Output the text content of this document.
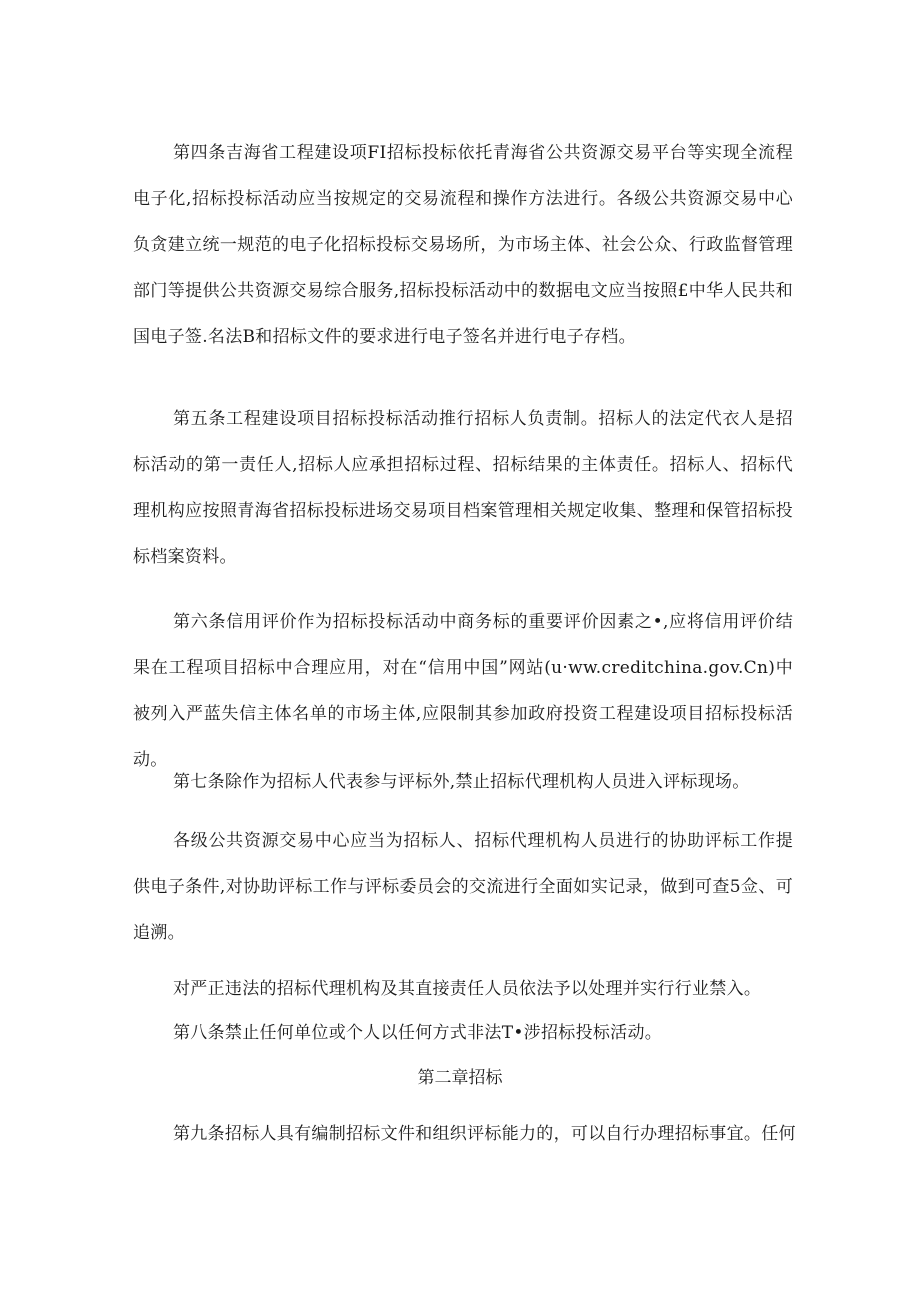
第四条吉海省工程建设项FI招标投标依托青海省公共资源交易平台等实现全流程电子化,招标投标活动应当按规定的交易流程和操作方法进行。各级公共资源交易中心负贪建立统一规范的电子化招标投标交易场所，为市场主体、社会公众、行政监督管理部门等提供公共资源交易综合服务,招标投标活动中的数据电文应当按照£中华人民共和国电子签.名法B和招标文件的要求进行电子签名并进行电子存档。

第五条工程建设项目招标投标活动推行招标人负责制。招标人的法定代衣人是招标活动的第一责任人,招标人应承担招标过程、招标结果的主体责任。招标人、招标代理机构应按照青海省招标投标进场交易项目档案管理相关规定收集、整理和保管招标投标档案资料。

第六条信用评价作为招标投标活动中商务标的重要评价因素之•,应将信用评价结果在工程项目招标中合理应用，对在“信用中国”网站(u·ww.creditchina.gov.Cn)中被列入严蓝失信主体名单的市场主体,应限制其参加政府投资工程建设项目招标投标活动。

第七条除作为招标人代表参与评标外,禁止招标代理机构人员进入评标现场。

各级公共资源交易中心应当为招标人、招标代理机构人员进行的协助评标工作提供电子条件,对协助评标工作与评标委员会的交流进行全面如实记录，做到可查5佥、可追溯。

对严正违法的招标代理机构及其直接责任人员依法予以处理并实行行业禁入。

第八条禁止任何单位或个人以任何方式非法T•涉招标投标活动。

第二章招标

第九条招标人具有编制招标文件和组织评标能力的，可以自行办理招标事宜。任何
